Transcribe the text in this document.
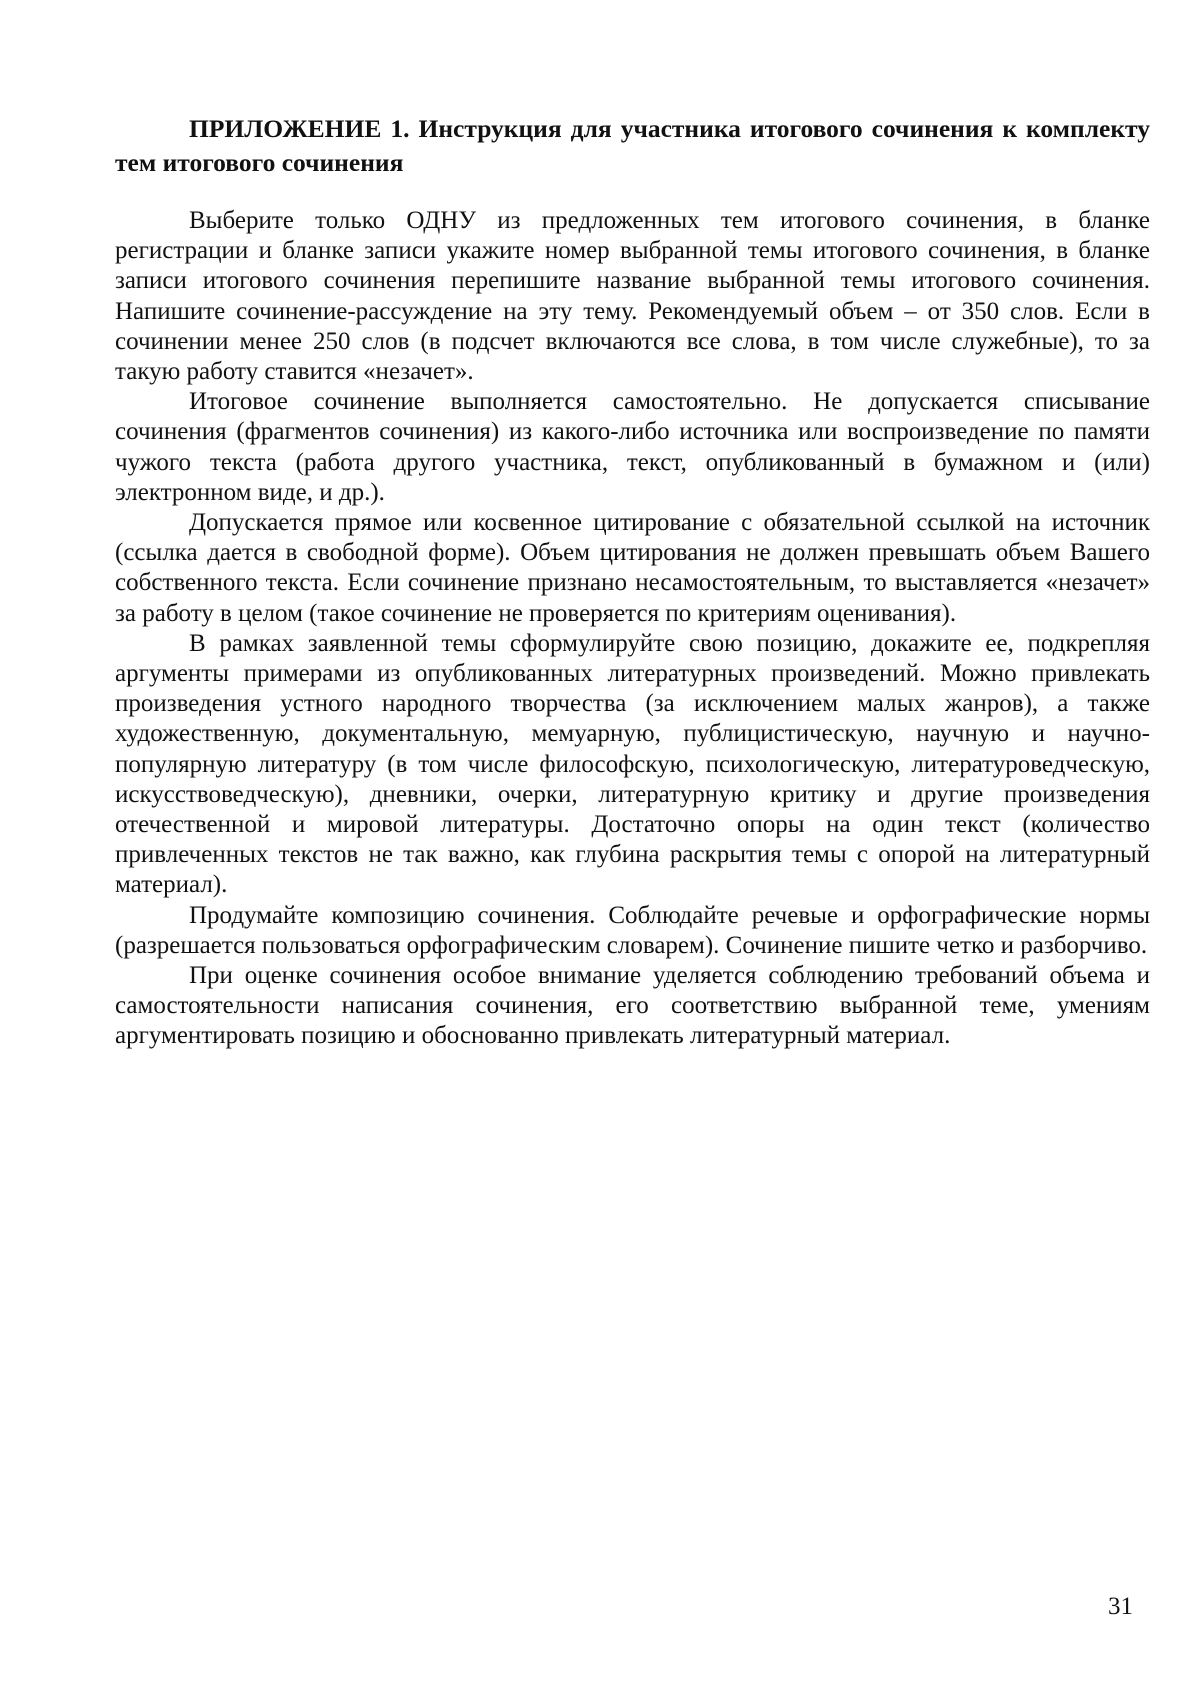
ПРИЛОЖЕНИЕ 1. Инструкция для участника итогового сочинения к комплекту тем итогового сочинения

Выберите только ОДНУ из предложенных тем итогового сочинения, в бланке регистрации и бланке записи укажите номер выбранной темы итогового сочинения, в бланке записи итогового сочинения перепишите название выбранной темы итогового сочинения. Напишите сочинение-рассуждение на эту тему. Рекомендуемый объем – от 350 слов. Если в сочинении менее 250 слов (в подсчет включаются все слова, в том числе служебные), то за такую работу ставится «незачет».

Итоговое сочинение выполняется самостоятельно. Не допускается списывание сочинения (фрагментов сочинения) из какого-либо источника или воспроизведение по памяти чужого текста (работа другого участника, текст, опубликованный в бумажном и (или) электронном виде, и др.).

Допускается прямое или косвенное цитирование с обязательной ссылкой на источник (ссылка дается в свободной форме). Объем цитирования не должен превышать объем Вашего собственного текста. Если сочинение признано несамостоятельным, то выставляется «незачет» за работу в целом (такое сочинение не проверяется по критериям оценивания).

В рамках заявленной темы сформулируйте свою позицию, докажите ее, подкрепляя аргументы примерами из опубликованных литературных произведений. Можно привлекать произведения устного народного творчества (за исключением малых жанров), а также художественную, документальную, мемуарную, публицистическую, научную и научно-популярную литературу (в том числе философскую, психологическую, литературоведческую, искусствоведческую), дневники, очерки, литературную критику и другие произведения отечественной и мировой литературы. Достаточно опоры на один текст (количество привлеченных текстов не так важно, как глубина раскрытия темы с опорой на литературный материал).

Продумайте композицию сочинения. Соблюдайте речевые и орфографические нормы (разрешается пользоваться орфографическим словарем). Сочинение пишите четко и разборчиво.

При оценке сочинения особое внимание уделяется соблюдению требований объема и самостоятельности написания сочинения, его соответствию выбранной теме, умениям аргументировать позицию и обоснованно привлекать литературный материал.

31
